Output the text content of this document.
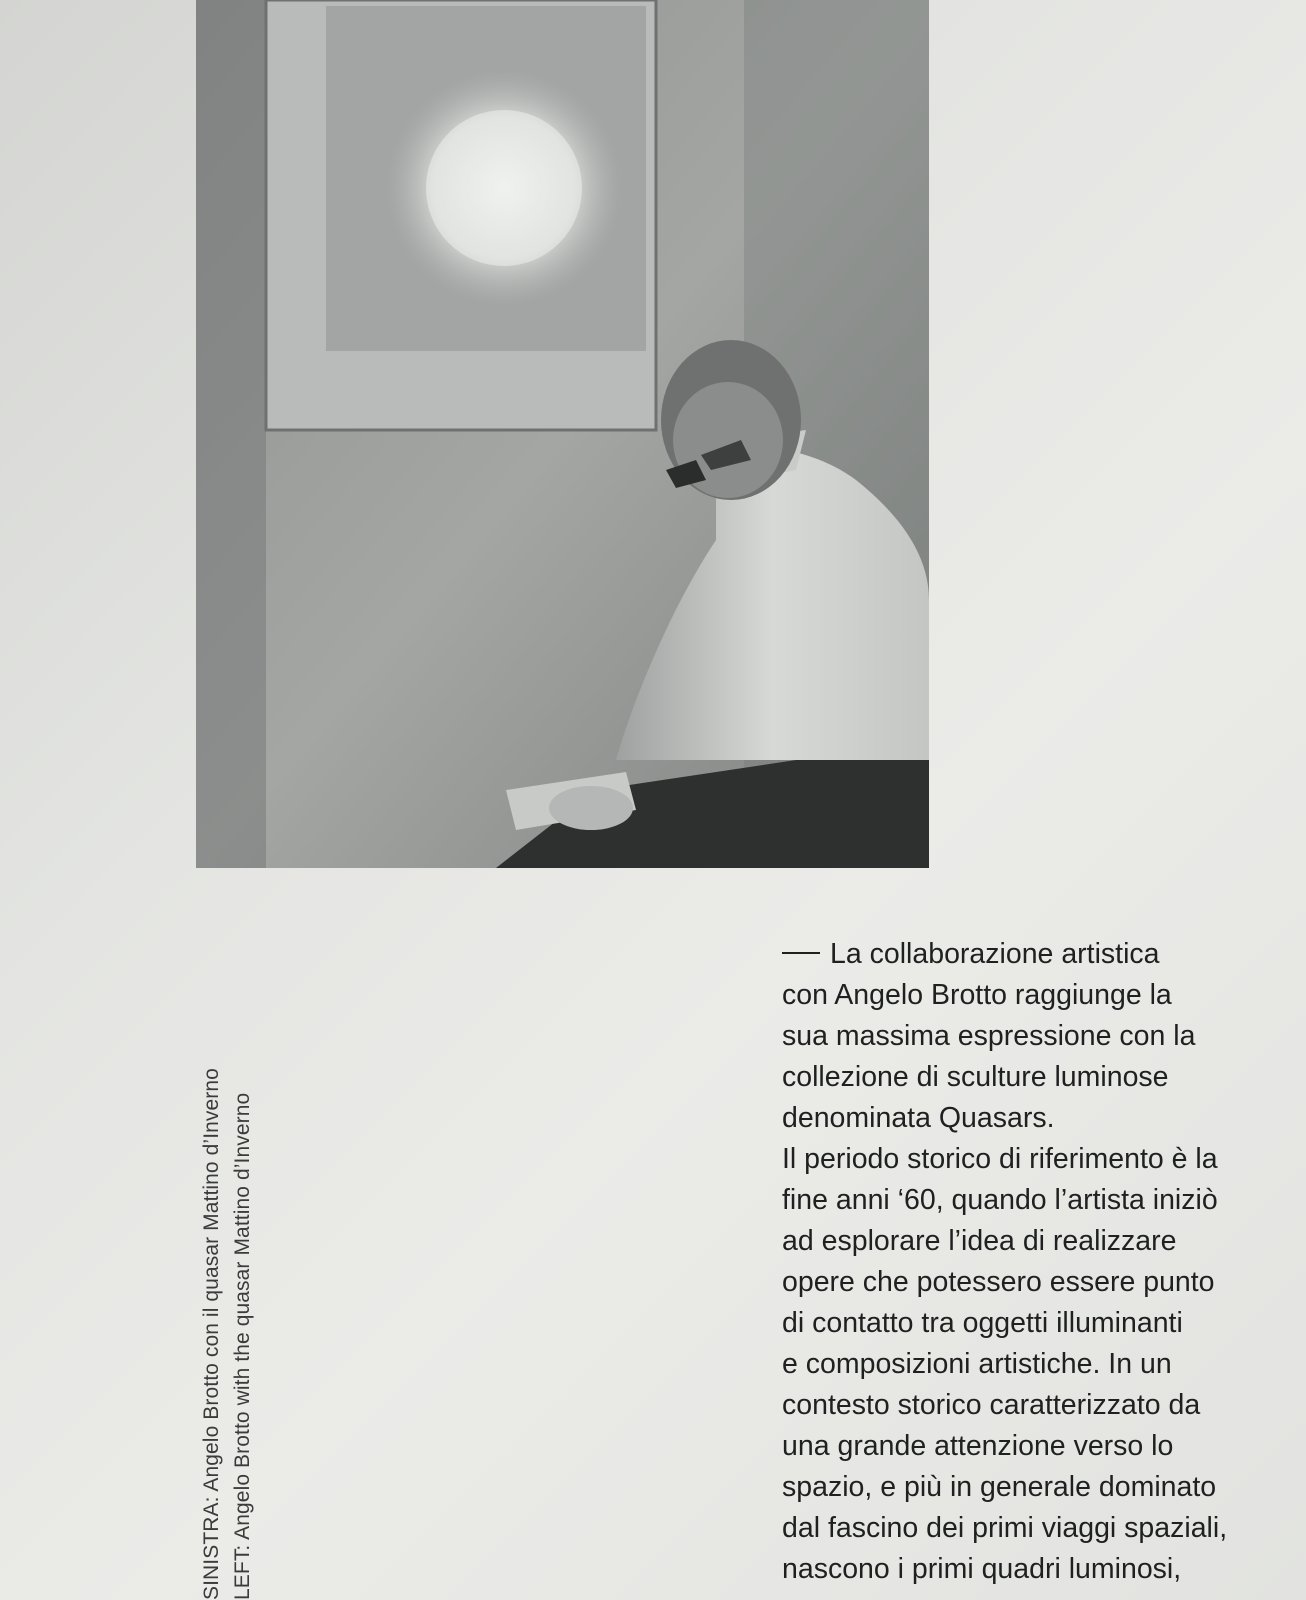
SINISTRA: Angelo Brotto con il quasar Mattino d’Inverno LEFT: Angelo Brotto with the quasar Mattino d’Inverno

La collaborazione artistica
con Angelo Brotto raggiunge la
sua massima espressione con la
collezione di sculture luminose
denominata Quasars.

Il periodo storico di riferimento è la
fine anni ‘60, quando l’artista iniziò
ad esplorare l’idea di realizzare
opere che potessero essere punto
di contatto tra oggetti illuminanti
e composizioni artistiche. In un
contesto storico caratterizzato da
una grande attenzione verso lo
spazio, e più in generale dominato
dal fascino dei primi viaggi spaziali,
nascono i primi quadri luminosi,
